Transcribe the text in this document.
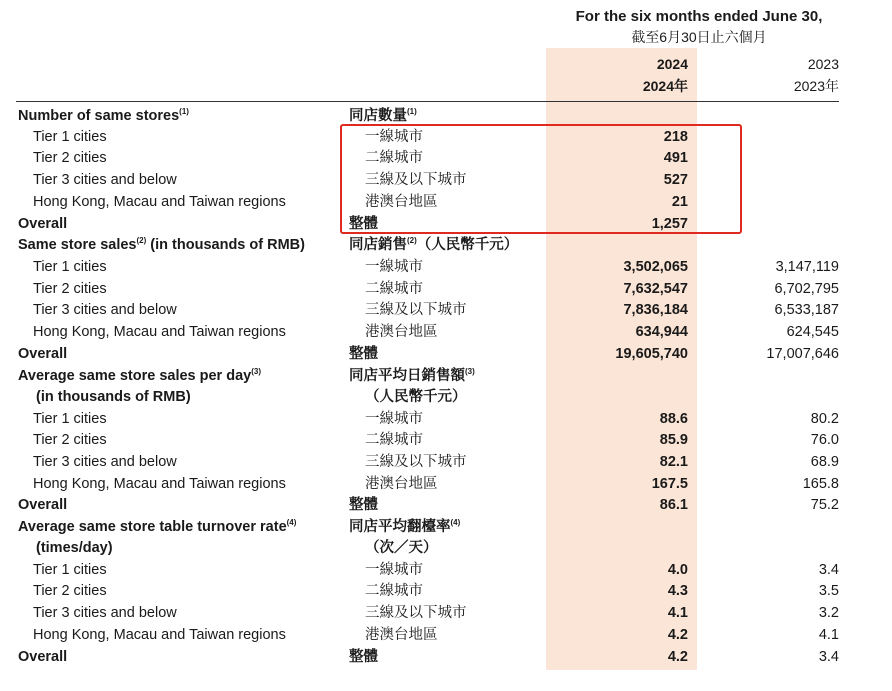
For the six months ended June 30,
截至6月30日止六個月
2024
2024年
2023
2023年
Number of same stores$^{(1)}$	同店數量$^{(1)}$
Tier 1 cities	一線城市	218
Tier 2 cities	二線城市	491
Tier 3 cities and below	三線及以下城市	527
Hong Kong, Macau and Taiwan regions	港澳台地區	21
Overall	整體	1,257
Same store sales$^{(2)}$ (in thousands of RMB)	同店銷售$^{(2)}$（人民幣千元）
Tier 1 cities	一線城市	3,502,065	3,147,119
Tier 2 cities	二線城市	7,632,547	6,702,795
Tier 3 cities and below	三線及以下城市	7,836,184	6,533,187
Hong Kong, Macau and Taiwan regions	港澳台地區	634,944	624,545
Overall	整體	19,605,740	17,007,646
Average same store sales per day$^{(3)}$	同店平均日銷售額$^{(3)}$
(in thousands of RMB)	（人民幣千元）
Tier 1 cities	一線城市	88.6	80.2
Tier 2 cities	二線城市	85.9	76.0
Tier 3 cities and below	三線及以下城市	82.1	68.9
Hong Kong, Macau and Taiwan regions	港澳台地區	167.5	165.8
Overall	整體	86.1	75.2
Average same store table turnover rate$^{(4)}$	同店平均翻檯率$^{(4)}$
(times/day)	（次／天）
Tier 1 cities	一線城市	4.0	3.4
Tier 2 cities	二線城市	4.3	3.5
Tier 3 cities and below	三線及以下城市	4.1	3.2
Hong Kong, Macau and Taiwan regions	港澳台地區	4.2	4.1
Overall	整體	4.2	3.4
